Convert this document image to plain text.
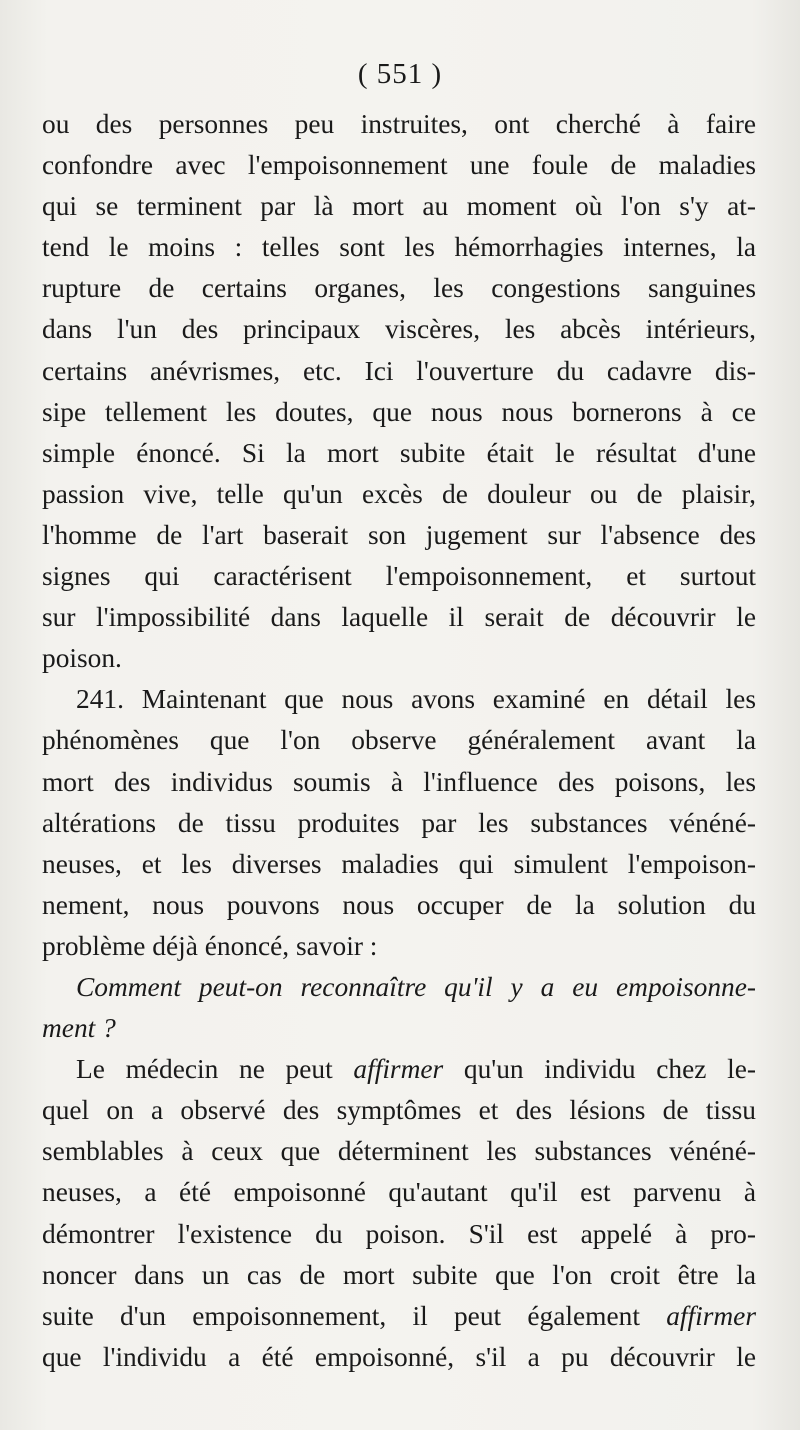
( 551 )
ou des personnes peu instruites, ont cherché à faire
confondre avec l'empoisonnement une foule de maladies
qui se terminent par là mort au moment où l'on s'y at-
tend le moins : telles sont les hémorrhagies internes, la
rupture de certains organes, les congestions sanguines
dans l'un des principaux viscères, les abcès intérieurs,
certains anévrismes, etc. Ici l'ouverture du cadavre dis-
sipe tellement les doutes, que nous nous bornerons à ce
simple énoncé. Si la mort subite était le résultat d'une
passion vive, telle qu'un excès de douleur ou de plaisir,
l'homme de l'art baserait son jugement sur l'absence des
signes qui caractérisent l'empoisonnement, et surtout
sur l'impossibilité dans laquelle il serait de découvrir le
poison.
241. Maintenant que nous avons examiné en détail les
phénomènes que l'on observe généralement avant la
mort des individus soumis à l'influence des poisons, les
altérations de tissu produites par les substances vénéné-
neuses, et les diverses maladies qui simulent l'empoison-
nement, nous pouvons nous occuper de la solution du
problème déjà énoncé, savoir :
Comment peut-on reconnaître qu'il y a eu empoisonne-
ment ?
Le médecin ne peut affirmer qu'un individu chez le-
quel on a observé des symptômes et des lésions de tissu
semblables à ceux que déterminent les substances vénéné-
neuses, a été empoisonné qu'autant qu'il est parvenu à
démontrer l'existence du poison. S'il est appelé à pro-
noncer dans un cas de mort subite que l'on croit être la
suite d'un empoisonnement, il peut également affirmer
que l'individu a été empoisonné, s'il a pu découvrir le
